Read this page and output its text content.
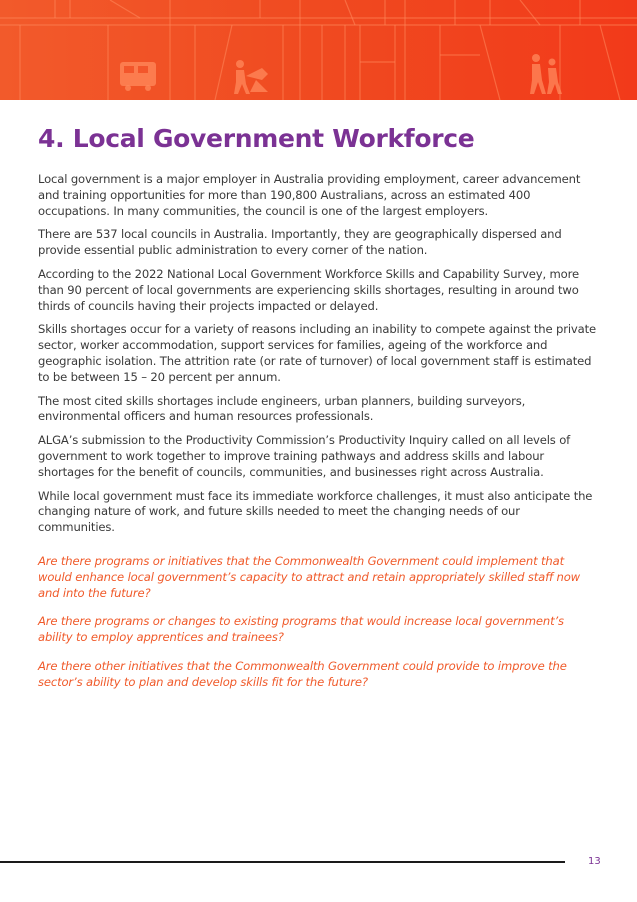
4. Local Government Workforce

Local government is a major employer in Australia providing employment, career advancement and training opportunities for more than 190,800 Australians, across an estimated 400 occupations. In many communities, the council is one of the largest employers.

There are 537 local councils in Australia. Importantly, they are geographically dispersed and provide essential public administration to every corner of the nation.

According to the 2022 National Local Government Workforce Skills and Capability Survey, more than 90 percent of local governments are experiencing skills shortages, resulting in around two thirds of councils having their projects impacted or delayed.

Skills shortages occur for a variety of reasons including an inability to compete against the private sector, worker accommodation, support services for families, ageing of the workforce and geographic isolation. The attrition rate (or rate of turnover) of local government staff is estimated to be between 15 – 20 percent per annum.

The most cited skills shortages include engineers, urban planners, building surveyors, environmental officers and human resources professionals.

ALGA’s submission to the Productivity Commission’s Productivity Inquiry called on all levels of government to work together to improve training pathways and address skills and labour shortages for the benefit of councils, communities, and businesses right across Australia.

While local government must face its immediate workforce challenges, it must also anticipate the changing nature of work, and future skills needed to meet the changing needs of our communities.

Are there programs or initiatives that the Commonwealth Government could implement that would enhance local government’s capacity to attract and retain appropriately skilled staff now and into the future?

Are there programs or changes to existing programs that would increase local government’s ability to employ apprentices and trainees?

Are there other initiatives that the Commonwealth Government could provide to improve the sector’s ability to plan and develop skills fit for the future?

13
